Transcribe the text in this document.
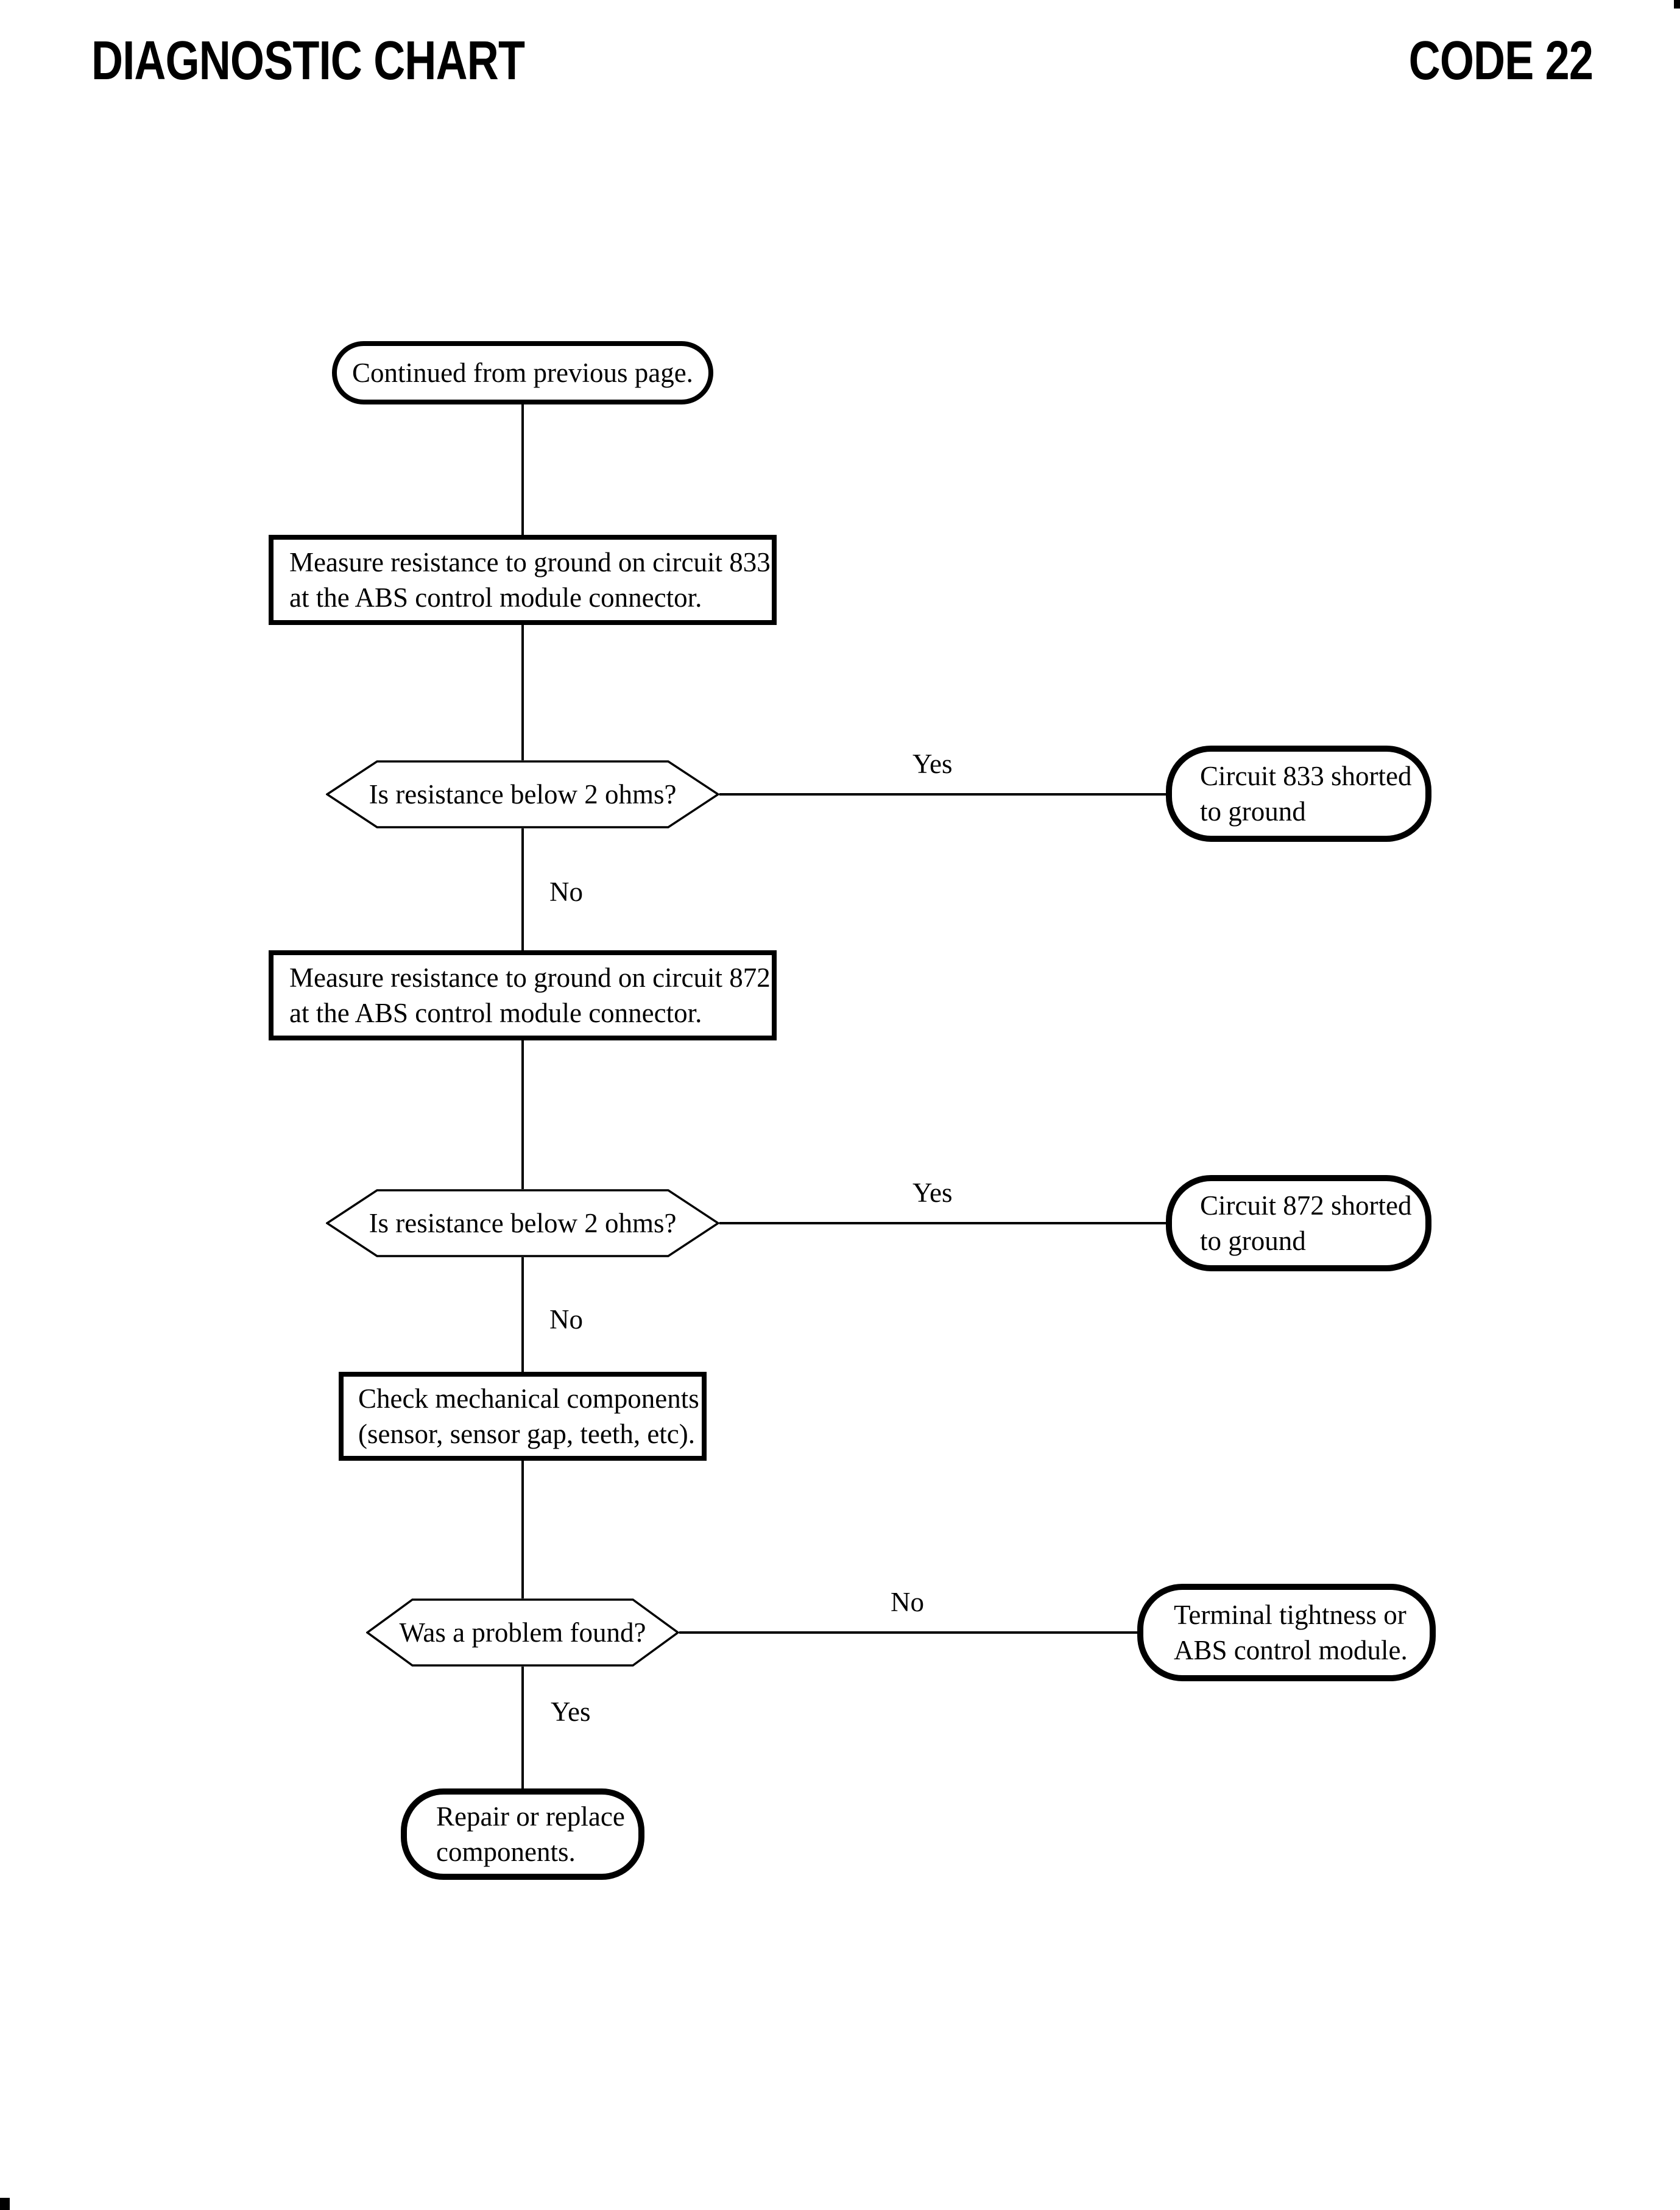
DIAGNOSTIC CHART	CODE 22
Continued from previous page.
Measure resistance to ground on circuit 833
at the ABS control module connector.
Is resistance below 2 ohms?
Yes	Circuit 833 shorted
to ground
No
Measure resistance to ground on circuit 872
at the ABS control module connector.
Is resistance below 2 ohms?
Yes	Circuit 872 shorted
to ground
No
Check mechanical components
(sensor, sensor gap, teeth, etc).
Was a problem found?
No	Terminal tightness or
ABS control module.
Yes
Repair or replace
components.
